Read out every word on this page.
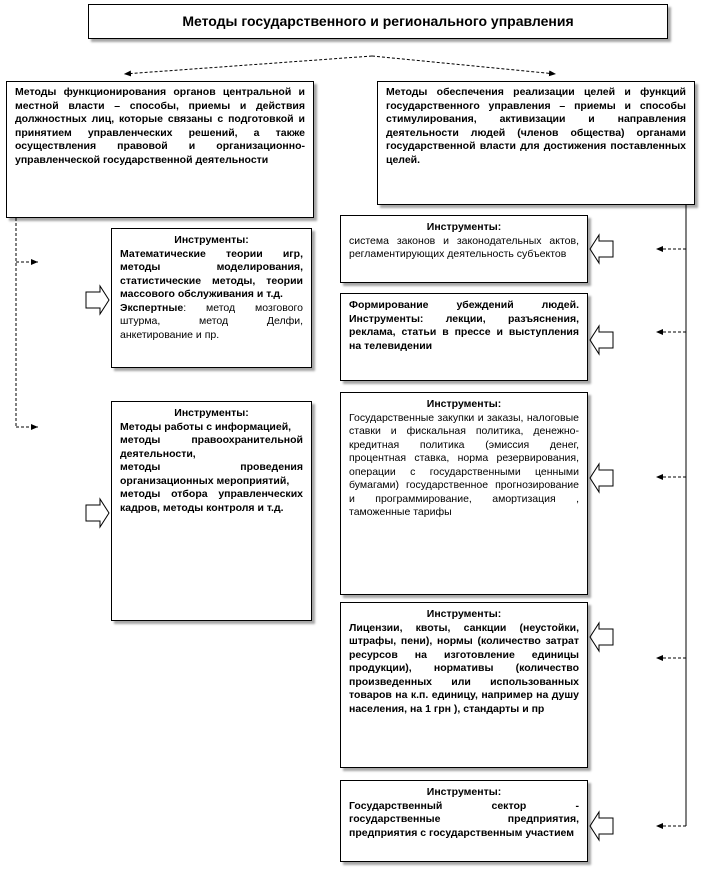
Методы государственного и регионального управления
Методы функционирования органов центральной и местной власти – способы, приемы и действия должностных лиц, которые связаны с подготовкой и принятием управленческих решений, а также осуществления правовой и организационно-управленческой государственной деятельности
Методы обеспечения реализации целей и функций государственного управления – приемы и способы стимулирования, активизации и направления деятельности людей (членов общества) органами государственной власти для достижения поставленных целей.
Инструменты:
Математические теории игр, методы моделирования, статистические методы, теории массового обслуживания и т.д.
Экспертные: метод мозгового штурма, метод Делфи, анкетирование и пр.
Инструменты:
Методы работы с информацией,
методы правоохранительной деятельности,
методы проведения организационных мероприятий,
методы отбора управленческих кадров, методы контроля и т.д.
Инструменты:
система законов и законодательных актов, регламентирующих деятельность субъектов
Формирование убеждений людей. Инструменты: лекции, разъяснения, реклама, статьи в прессе и выступления на телевидении
Инструменты:
Государственные закупки и заказы, налоговые ставки и фискальная политика, денежно-кредитная политика (эмиссия денег, процентная ставка, норма резервирования, операции с государственными ценными бумагами) государственное прогнозирование и программирование, амортизация , таможенные тарифы
Инструменты:
Лицензии, квоты, санкции (неустойки, штрафы, пени), нормы (количество затрат ресурсов на изготовление единицы продукции), нормативы (количество произведенных или использованных товаров на к.п. единицу, например на душу населения, на 1 грн ), стандарты и пр
Инструменты:
Государственный сектор - государственные предприятия, предприятия с государственным участием
